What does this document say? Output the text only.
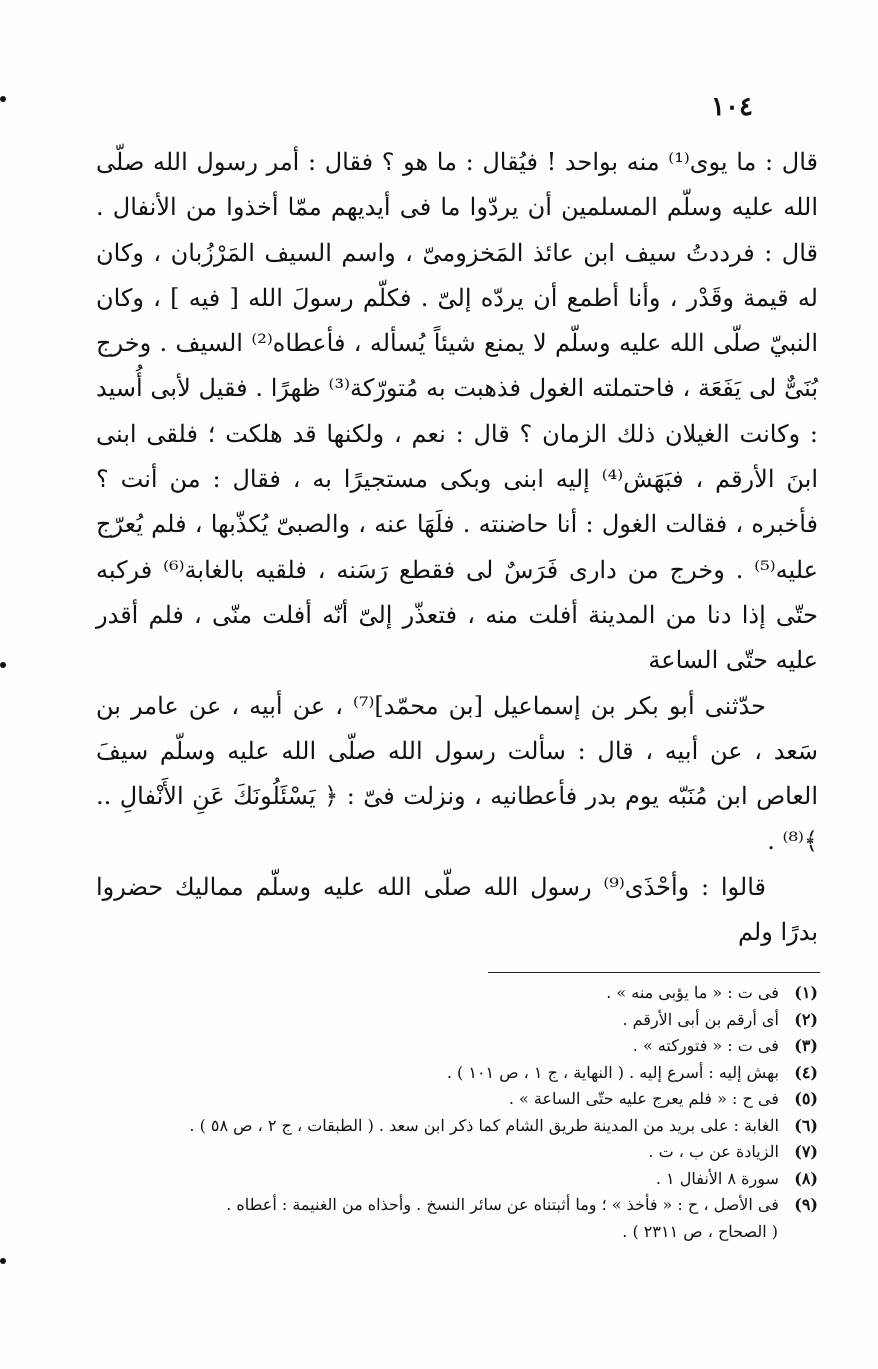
١٠٤

قال : ما يوى⁽¹⁾ منه بواحد ! فيُقال : ما هو ؟ فقال : أمر رسول الله صلّى الله عليه وسلّم المسلمين أن يردّوا ما فى أيديهم ممّا أخذوا من الأنفال . قال : فرددتُ سيف ابن عائذ المَخزومىّ ، واسم السيف المَرْزُبان ، وكان له قيمة وقَدْر ، وأنا أطمع أن يردّه إلىّ . فكلّم رسولَ الله [ فيه ] ، وكان النبيّ صلّى الله عليه وسلّم لا يمنع شيئاً يُسأله ، فأعطاه⁽²⁾ السيف . وخرج بُنَىٌّ لى يَفَعَة ، فاحتملته الغول فذهبت به مُتورّكة⁽³⁾ ظهرًا . فقيل لأبى أُسيد : وكانت الغيلان ذلك الزمان ؟ قال : نعم ، ولكنها قد هلكت ؛ فلقى ابنى ابنَ الأرقم ، فبَهَش⁽⁴⁾ إليه ابنى وبكى مستجيرًا به ، فقال : من أنت ؟ فأخبره ، فقالت الغول : أنا حاضنته . فلَهَا عنه ، والصبىّ يُكذّبها ، فلم يُعرّج عليه⁽⁵⁾ . وخرج من دارى فَرَسٌ لى فقطع رَسَنه ، فلقيه بالغابة⁽⁶⁾ فركبه حتّى إذا دنا من المدينة أفلت منه ، فتعذّر إلىّ أنّه أفلت منّى ، فلم أقدر عليه حتّى الساعة

حدّثنى أبو بكر بن إسماعيل [بن محمّد]⁽⁷⁾ ، عن أبيه ، عن عامر بن سَعد ، عن أبيه ، قال : سألت رسول الله صلّى الله عليه وسلّم سيفَ العاص ابن مُنَبّه يوم بدر فأعطانيه ، ونزلت فىّ : ﴿ يَسْئَلُونَكَ عَنِ الأَنْفالِ .. ﴾⁽⁸⁾ .

قالوا : وأحْذَى⁽⁹⁾ رسول الله صلّى الله عليه وسلّم مماليك حضروا بدرًا ولم

(١) فى ت : « ما يؤبى منه » .
(٢) أى أرقم بن أبى الأرقم .
(٣) فى ت : « فتوركته » .
(٤) بهش إليه : أسرع إليه . ( النهاية ، ج ١ ، ص ١٠١ ) .
(٥) فى ح : « فلم يعرج عليه حتّى الساعة » .
(٦) الغابة : على بريد من المدينة طريق الشام كما ذكر ابن سعد . ( الطبقات ، ج ٢ ، ص ٥٨ ) .
(٧) الزيادة عن ب ، ت .
(٨) سورة ٨ الأنفال ١ .
(٩) فى الأصل ، ح : « فأخذ » ؛ وما أثبتناه عن سائر النسخ . وأحذاه من الغنيمة : أعطاه .
( الصحاح ، ص ٢٣١١ ) .
